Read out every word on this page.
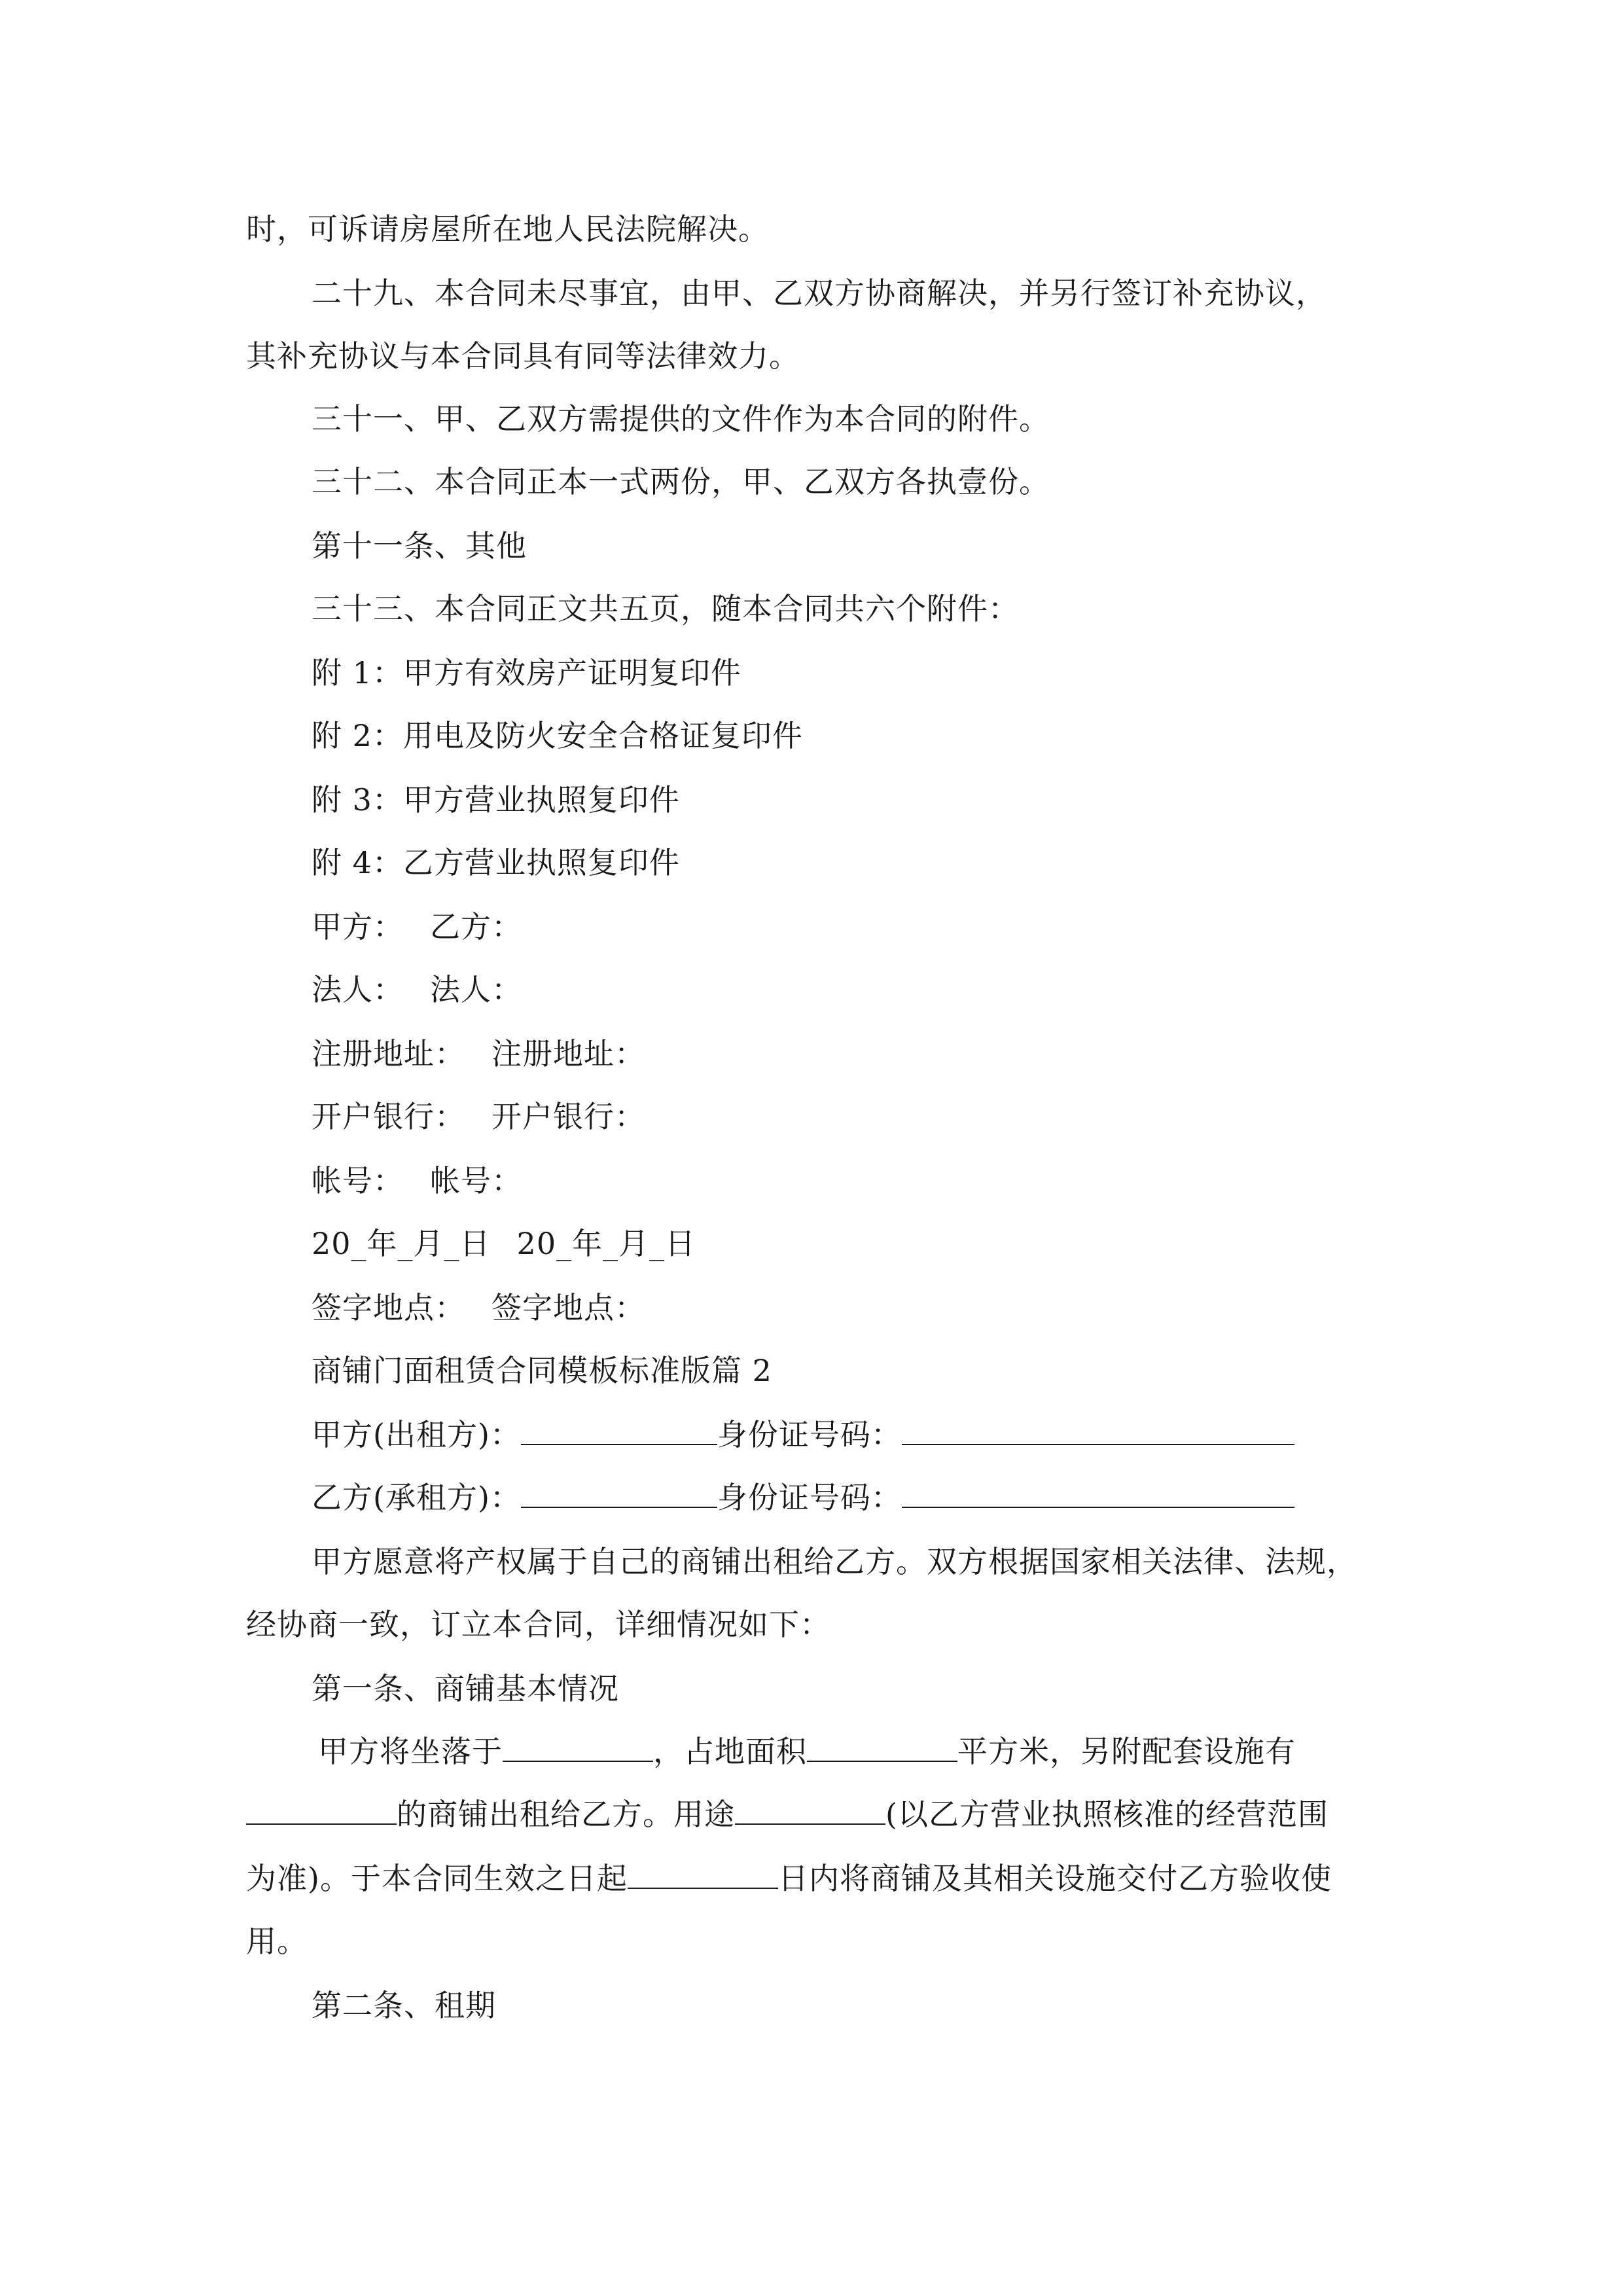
时，可诉请房屋所在地人民法院解决。
二十九、本合同未尽事宜，由甲、乙双方协商解决，并另行签订补充协议，
其补充协议与本合同具有同等法律效力。
三十一、甲、乙双方需提供的文件作为本合同的附件。
三十二、本合同正本一式两份，甲、乙双方各执壹份。
第十一条、其他
三十三、本合同正文共五页，随本合同共六个附件：
附 1：甲方有效房产证明复印件
附 2：用电及防火安全合格证复印件
附 3：甲方营业执照复印件
附 4：乙方营业执照复印件
甲方： 乙方：
法人： 法人：
注册地址： 注册地址：
开户银行： 开户银行：
帐号： 帐号：
20_年_月_日 20_年_月_日
签字地点： 签字地点：
商铺门面租赁合同模板标准版篇 2
甲方(出租方)：	身份证号码：
乙方(承租方)：	身份证号码：
甲方愿意将产权属于自己的商铺出租给乙方。双方根据国家相关法律、法规，
经协商一致，订立本合同，详细情况如下：
第一条、商铺基本情况
甲方将坐落于	，占地面积	平方米，另附配套设施有
的商铺出租给乙方。用途	(以乙方营业执照核准的经营范围
为准)。于本合同生效之日起	日内将商铺及其相关设施交付乙方验收使
用。
第二条、租期
